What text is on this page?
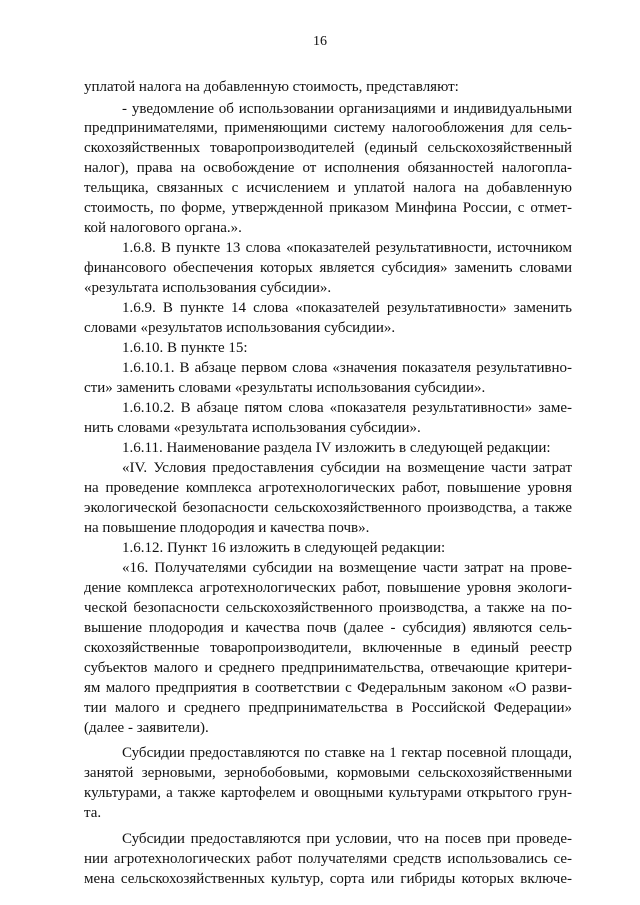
16
уплатой налога на добавленную стоимость, представляют:
- уведомление об использовании организациями и индивидуальными
предпринимателями, применяющими систему налогообложения для сель-
скохозяйственных товаропроизводителей (единый сельскохозяйственный
налог), права на освобождение от исполнения обязанностей налогопла-
тельщика, связанных с исчислением и уплатой налога на добавленную
стоимость, по форме, утвержденной приказом Минфина России, с отмет-
кой налогового органа.».
1.6.8. В пункте 13 слова «показателей результативности, источником
финансового обеспечения которых является субсидия» заменить словами
«результата использования субсидии».
1.6.9. В пункте 14 слова «показателей результативности» заменить
словами «результатов использования субсидии».
1.6.10. В пункте 15:
1.6.10.1. В абзаце первом слова «значения показателя результативно-
сти» заменить словами «результаты использования субсидии».
1.6.10.2. В абзаце пятом слова «показателя результативности» заме-
нить словами «результата использования субсидии».
1.6.11. Наименование раздела IV изложить в следующей редакции:
«IV. Условия предоставления субсидии на возмещение части затрат
на проведение комплекса агротехнологических работ, повышение уровня
экологической безопасности сельскохозяйственного производства, а также
на повышение плодородия и качества почв».
1.6.12. Пункт 16 изложить в следующей редакции:
«16. Получателями субсидии на возмещение части затрат на прове-
дение комплекса агротехнологических работ, повышение уровня экологи-
ческой безопасности сельскохозяйственного производства, а также на по-
вышение плодородия и качества почв (далее - субсидия) являются сель-
скохозяйственные товаропроизводители, включенные в единый реестр
субъектов малого и среднего предпринимательства, отвечающие критери-
ям малого предприятия в соответствии с Федеральным законом «О разви-
тии малого и среднего предпринимательства в Российской Федерации»
(далее - заявители).
Субсидии предоставляются по ставке на 1 гектар посевной площади,
занятой зерновыми, зернобобовыми, кормовыми сельскохозяйственными
культурами, а также картофелем и овощными культурами открытого грун-
та.
Субсидии предоставляются при условии, что на посев при проведе-
нии агротехнологических работ получателями средств использовались се-
мена сельскохозяйственных культур, сорта или гибриды которых включе-
